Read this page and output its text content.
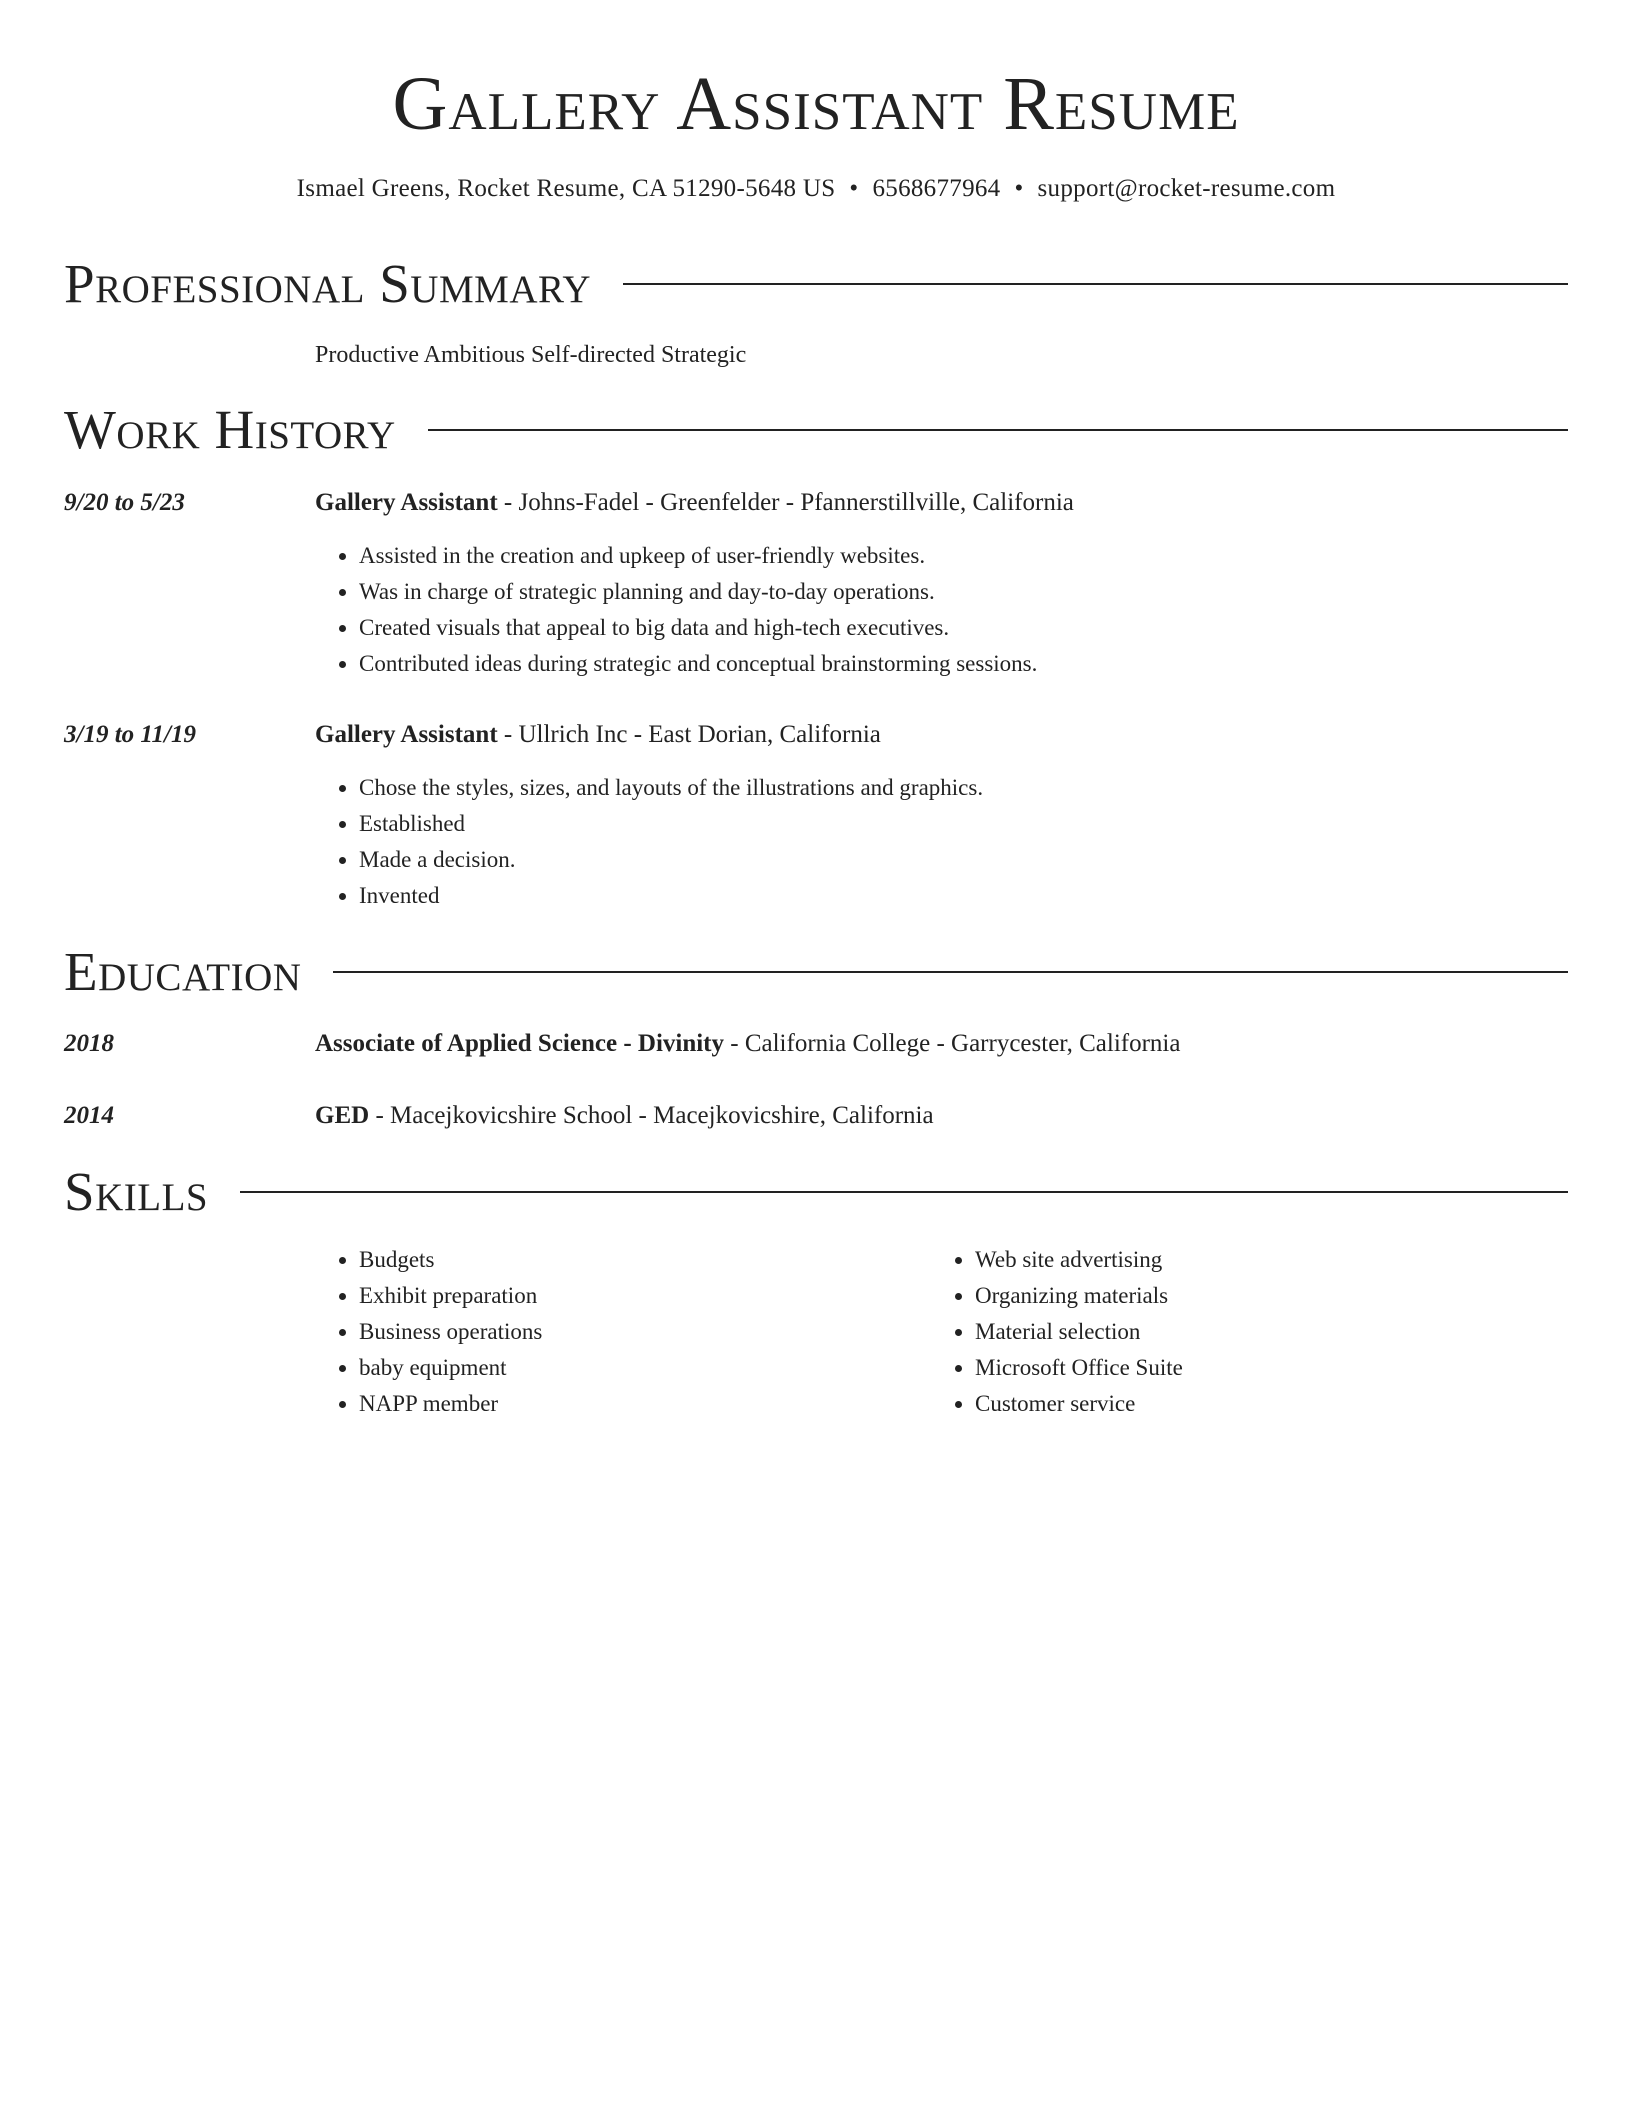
Gallery Assistant Resume
Ismael Greens, Rocket Resume, CA 51290-5648 US • 6568677964 • support@rocket-resume.com
Professional Summary
Productive Ambitious Self-directed Strategic
Work History
9/20 to 5/23	Gallery Assistant - Johns-Fadel - Greenfelder - Pfannerstillville, California
• Assisted in the creation and upkeep of user-friendly websites.
• Was in charge of strategic planning and day-to-day operations.
• Created visuals that appeal to big data and high-tech executives.
• Contributed ideas during strategic and conceptual brainstorming sessions.
3/19 to 11/19	Gallery Assistant - Ullrich Inc - East Dorian, California
• Chose the styles, sizes, and layouts of the illustrations and graphics.
• Established
• Made a decision.
• Invented
Education
2018	Associate of Applied Science - Divinity - California College - Garrycester, California
2014	GED - Macejkovicshire School - Macejkovicshire, California
Skills
• Budgets
• Exhibit preparation
• Business operations
• baby equipment
• NAPP member
• Web site advertising
• Organizing materials
• Material selection
• Microsoft Office Suite
• Customer service
